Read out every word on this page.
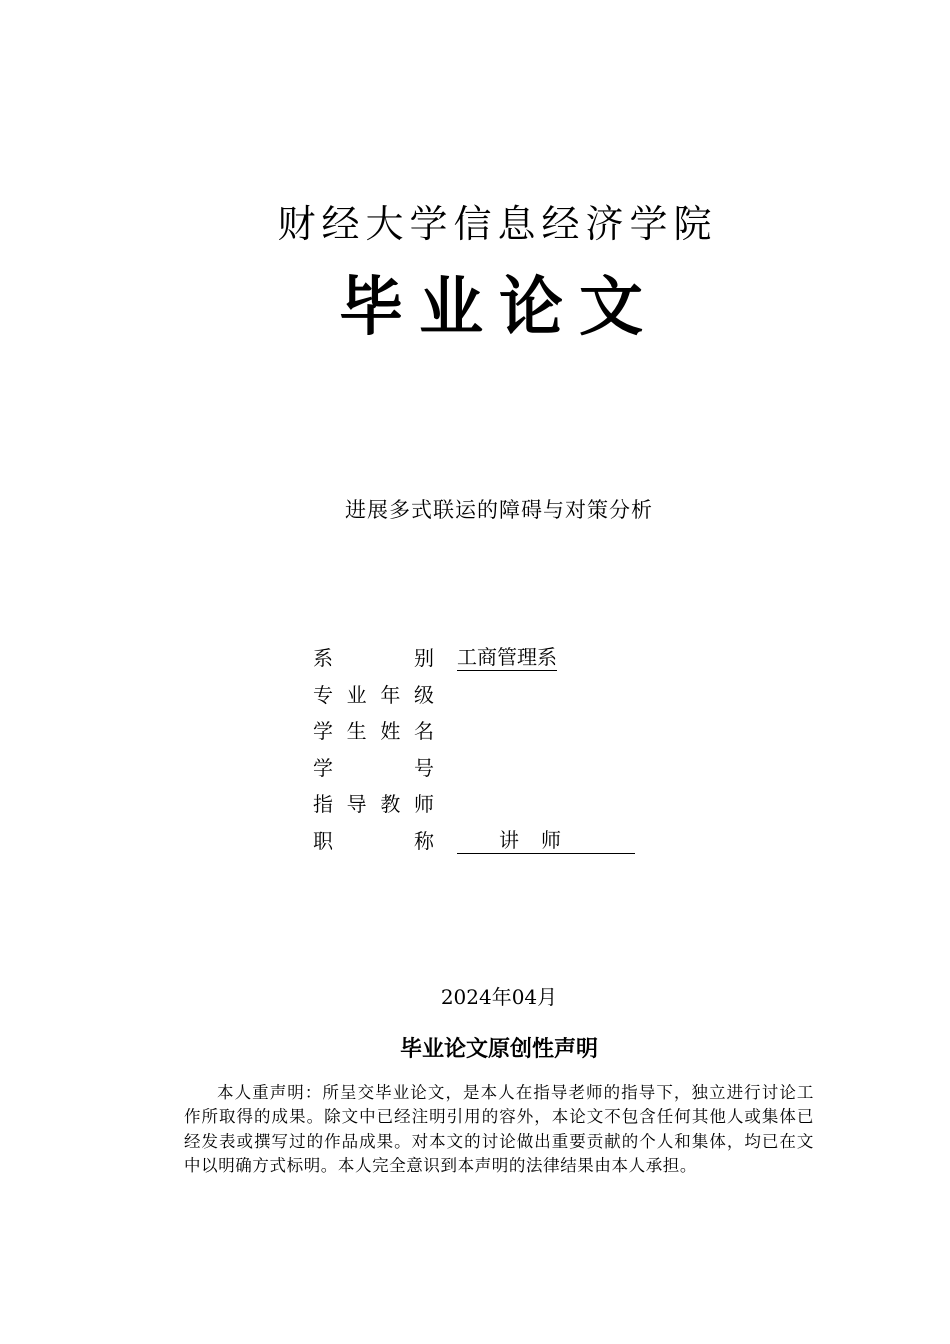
财经大学信息经济学院
毕业论文
进展多式联运的障碍与对策分析
系	别 工商管理系
专 业 年 级
学 生 姓 名
学	号
指 导 教 师
职	称	讲师
2024年04月
毕业论文原创性声明
本人重声明：所呈交毕业论文，是本人在指导老师的指导下，独立进行讨论工作所取得的成果。除文中已经注明引用的容外，本论文不包含任何其他人或集体已经发表或撰写过的作品成果。对本文的讨论做出重要贡献的个人和集体，均已在文中以明确方式标明。本人完全意识到本声明的法律结果由本人承担。
